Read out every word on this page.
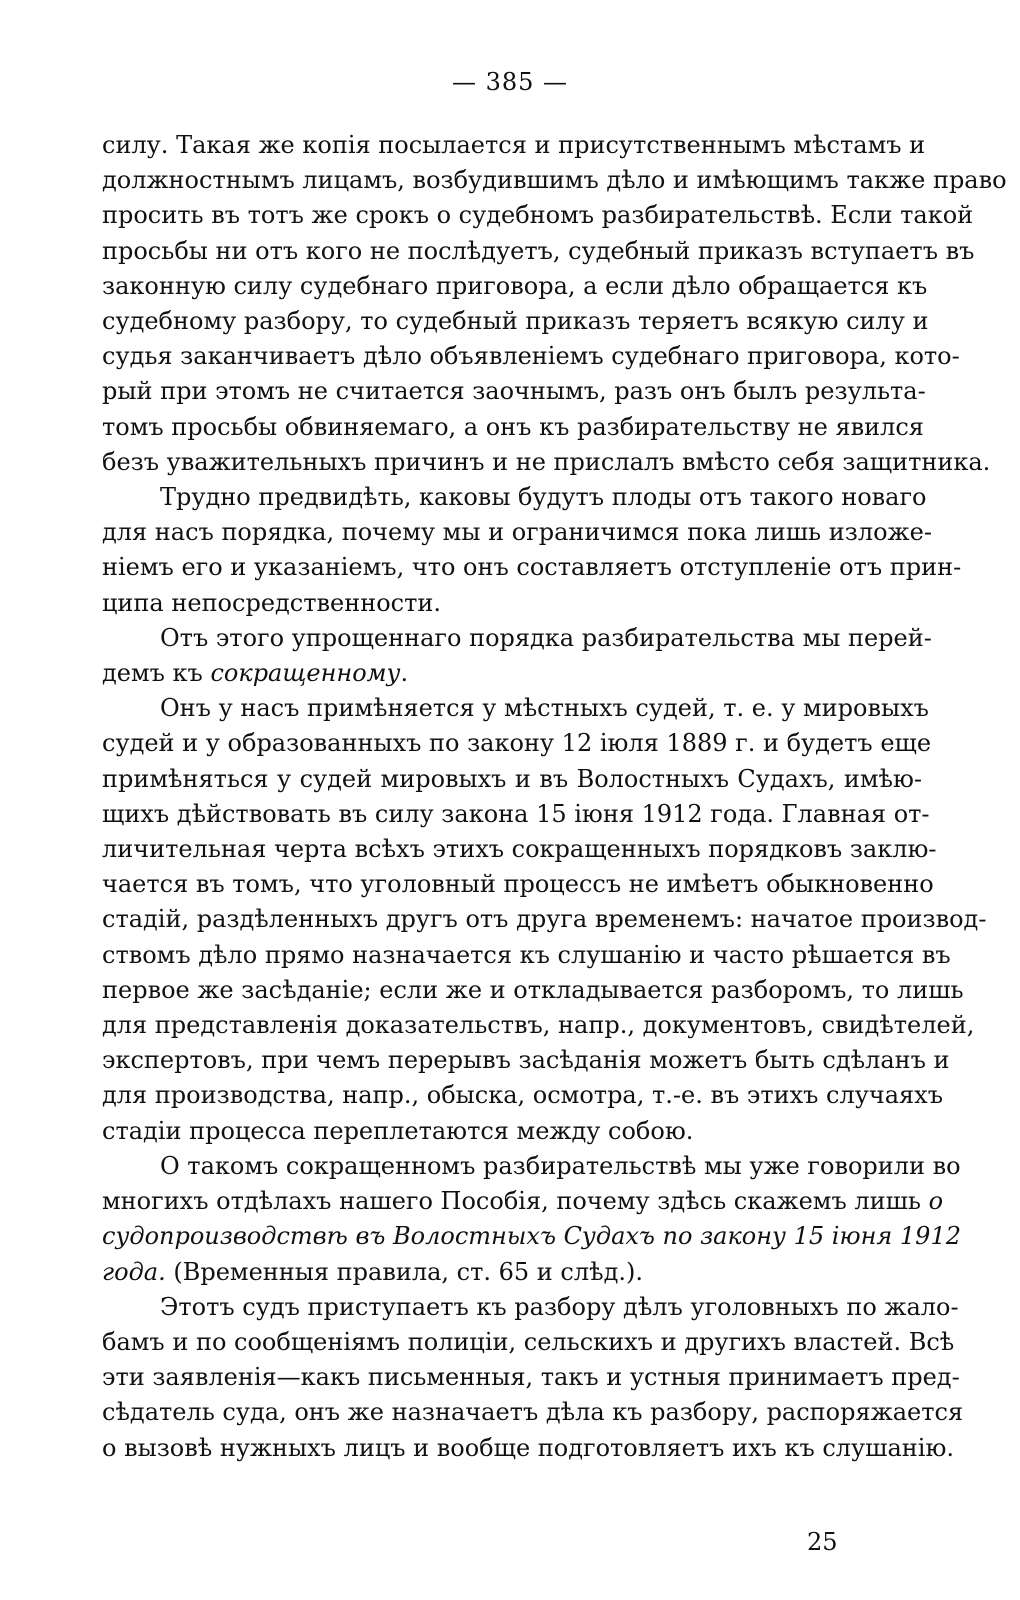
— 385 —
силу. Такая же копія посылается и присутственнымъ мѣстамъ и
должностнымъ лицамъ, возбудившимъ дѣло и имѣющимъ также право
просить въ тотъ же срокъ о судебномъ разбирательствѣ. Если такой
просьбы ни отъ кого не послѣдуетъ, судебный приказъ вступаетъ въ
законную силу судебнаго приговора, а если дѣло обращается къ
судебному разбору, то судебный приказъ теряетъ всякую силу и
судья заканчиваетъ дѣло объявленіемъ судебнаго приговора, кото-
рый при этомъ не считается заочнымъ, разъ онъ былъ результа-
томъ просьбы обвиняемаго, а онъ къ разбирательству не явился
безъ уважительныхъ причинъ и не прислалъ вмѣсто себя защитника.
Трудно предвидѣть, каковы будутъ плоды отъ такого новаго
для насъ порядка, почему мы и ограничимся пока лишь изложе-
ніемъ его и указаніемъ, что онъ составляетъ отступленіе отъ прин-
ципа непосредственности.
Отъ этого упрощеннаго порядка разбирательства мы перей-
демъ къ сокращенному.
Онъ у насъ примѣняется у мѣстныхъ судей, т. е. у мировыхъ
судей и у образованныхъ по закону 12 іюля 1889 г. и будетъ еще
примѣняться у судей мировыхъ и въ Волостныхъ Судахъ, имѣю-
щихъ дѣйствовать въ силу закона 15 іюня 1912 года. Главная от-
личительная черта всѣхъ этихъ сокращенныхъ порядковъ заклю-
чается въ томъ, что уголовный процессъ не имѣетъ обыкновенно
стадій, раздѣленныхъ другъ отъ друга временемъ: начатое производ-
ствомъ дѣло прямо назначается къ слушанію и часто рѣшается въ
первое же засѣданіе; если же и откладывается разборомъ, то лишь
для представленія доказательствъ, напр., документовъ, свидѣтелей,
экспертовъ, при чемъ перерывъ засѣданія можетъ быть сдѣланъ и
для производства, напр., обыска, осмотра, т.-е. въ этихъ случаяхъ
стадіи процесса переплетаются между собою.
О такомъ сокращенномъ разбирательствѣ мы уже говорили во
многихъ отдѣлахъ нашего Пособія, почему здѣсь скажемъ лишь о
судопроизводствѣ въ Волостныхъ Судахъ по закону 15 іюня 1912
года. (Временныя правила, ст. 65 и слѣд.).
Этотъ судъ приступаетъ къ разбору дѣлъ уголовныхъ по жало-
бамъ и по сообщеніямъ полиціи, сельскихъ и другихъ властей. Всѣ
эти заявленія—какъ письменныя, такъ и устныя принимаетъ пред-
сѣдатель суда, онъ же назначаетъ дѣла къ разбору, распоряжается
о вызовѣ нужныхъ лицъ и вообще подготовляетъ ихъ къ слушанію.
25
